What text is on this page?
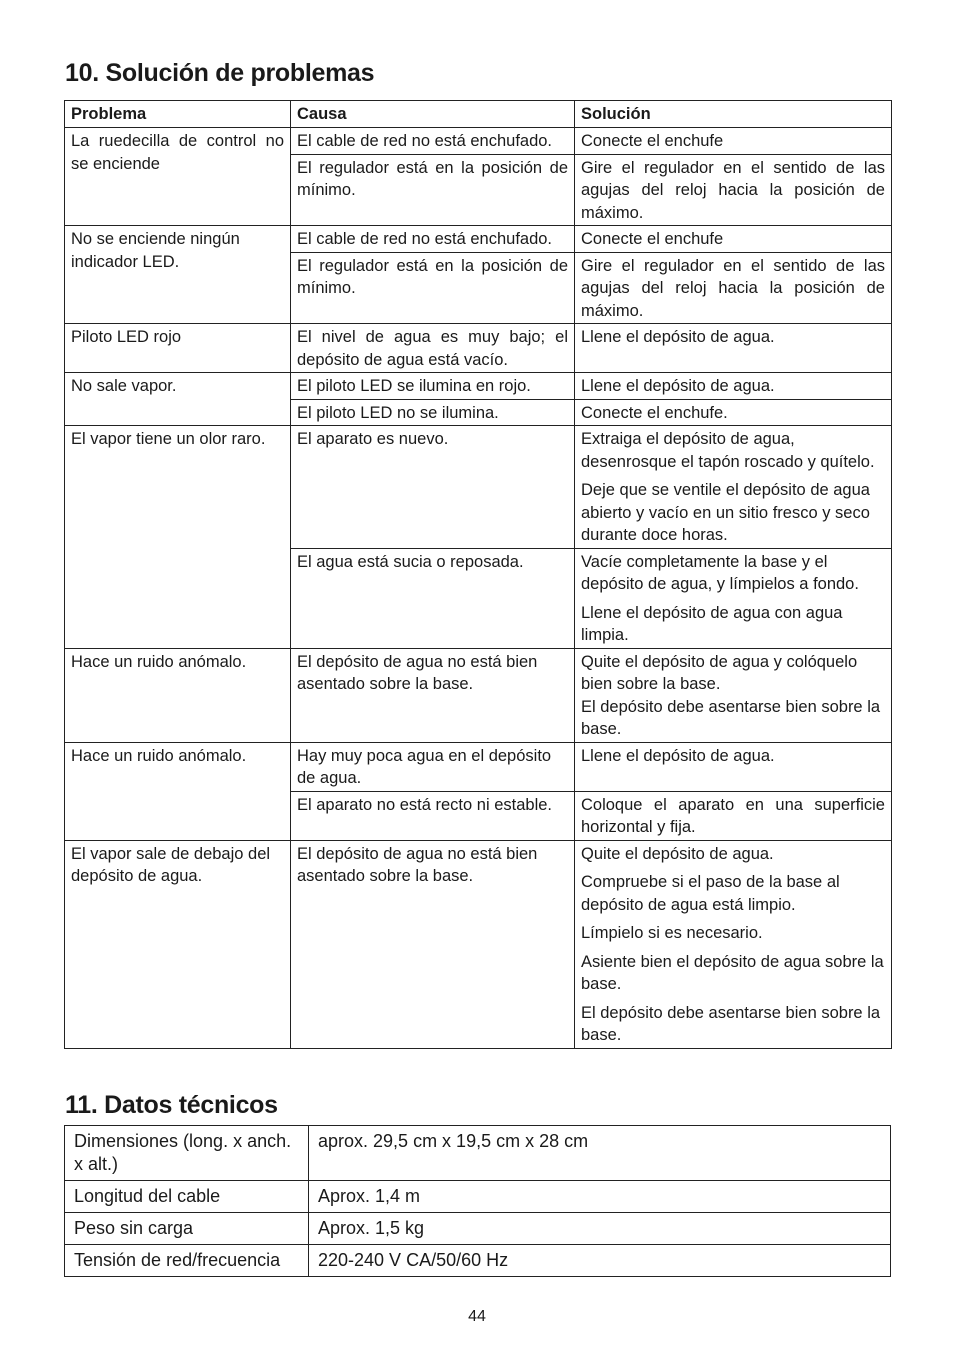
10. Solución de problemas
Problema	Causa	Solución
La ruedecilla de control no se enciende	El cable de red no está enchufado.	Conecte el enchufe

	El regulador está en la posición de mínimo.	Gire el regulador en el sentido de las agujas del reloj hacia la posición de máximo.

No se enciende ningún indicador LED.	El cable de red no está enchufado.	Conecte el enchufe

	El regulador está en la posición de mínimo.	Gire el regulador en el sentido de las agujas del reloj hacia la posición de máximo.

Piloto LED rojo	El nivel de agua es muy bajo; el depósito de agua está vacío.	Llene el depósito de agua.

No sale vapor.	El piloto LED se ilumina en rojo.	Llene el depósito de agua.

	El piloto LED no se ilumina.	Conecte el enchufe.

El vapor tiene un olor raro.	El aparato es nuevo.	Extraiga el depósito de agua, desenrosque el tapón roscado y quítelo.

Deje que se ventile el depósito de agua abierto y vacío en un sitio fresco y seco durante doce horas.

	El agua está sucia o reposada.	Vacíe completamente la base y el depósito de agua, y límpielos a fondo.

Llene el depósito de agua con agua limpia.

Hace un ruido anómalo.	El depósito de agua no está bien asentado sobre la base.	Quite el depósito de agua y colóquelo bien sobre la base.
El depósito debe asentarse bien sobre la base.

Hace un ruido anómalo.	Hay muy poca agua en el depósito de agua.	Llene el depósito de agua.

	El aparato no está recto ni estable.	Coloque el aparato en una superficie horizontal y fija.

El vapor sale de debajo del depósito de agua.	El depósito de agua no está bien asentado sobre la base.	Quite el depósito de agua.

Compruebe si el paso de la base al depósito de agua está limpio.

Límpielo si es necesario.

Asiente bien el depósito de agua sobre la base.

El depósito debe asentarse bien sobre la base.

11. Datos técnicos
Dimensiones (long. x anch. x alt.)	aprox. 29,5 cm x 19,5 cm x 28 cm
Longitud del cable	Aprox. 1,4 m
Peso sin carga	Aprox. 1,5 kg
Tensión de red/frecuencia	220-240 V CA/50/60 Hz
44
